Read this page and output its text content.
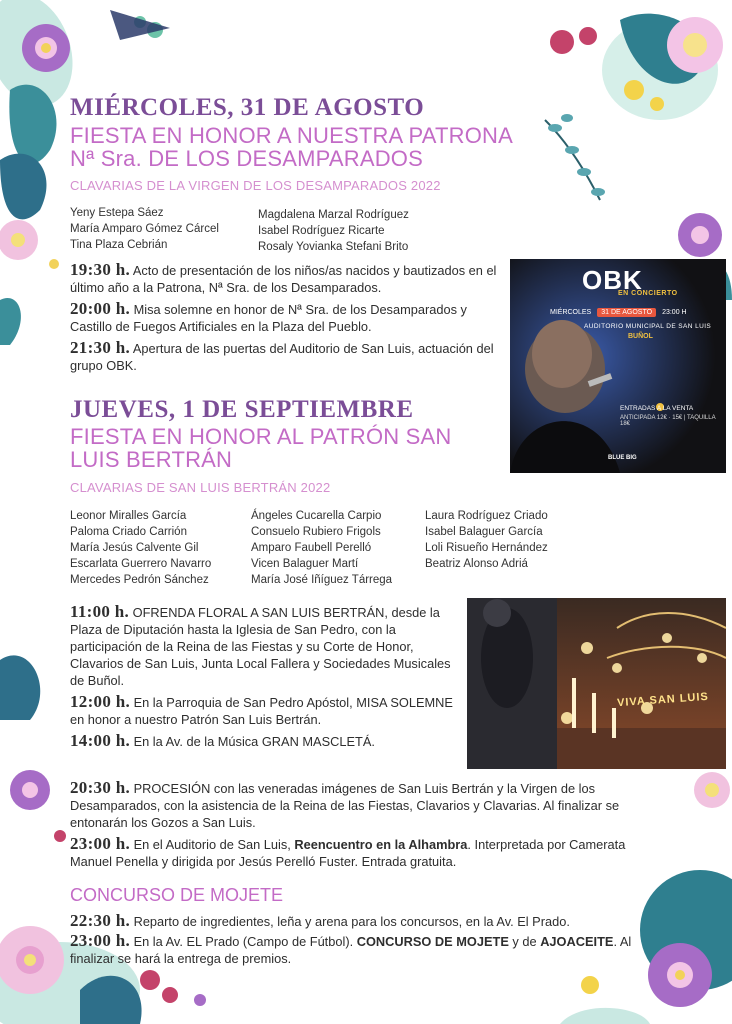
MIÉRCOLES, 31 DE AGOSTO
FIESTA EN HONOR A NUESTRA PATRONA
Nª Sra. DE LOS DESAMPARADOS
CLAVARIAS DE LA VIRGEN DE LOS DESAMPARADOS 2022
Yeny Estepa Sáez
María Amparo Gómez Cárcel
Tina Plaza Cebrián
Magdalena Marzal Rodríguez
Isabel Rodríguez Ricarte
Rosaly Yovianka Stefani Brito

19:30 h. Acto de presentación de los niños/as nacidos y bautizados en el último año a la Patrona, Nª Sra. de los Desamparados.

20:00 h. Misa solemne en honor de Nª Sra. de los Desamparados y Castillo de Fuegos Artificiales en la Plaza del Pueblo.

21:30 h. Apertura de las puertas del Auditorio de San Luis, actuación del grupo OBK.

OBK
EN CONCIERTO
MIÉRCOLES	31 DE AGOSTO	23:00 H
AUDITORIO MUNICIPAL DE SAN LUIS
BUÑOL
ENTRADAS A LA VENTA
ANTICIPADA 12€ · 15€ | TAQUILLA 18€
BLUE BIG
JUEVES, 1 DE SEPTIEMBRE
FIESTA EN HONOR AL PATRÓN SAN
LUIS BERTRÁN
CLAVARIAS DE SAN LUIS BERTRÁN 2022
Leonor Miralles García
Paloma Criado Carrión
María Jesús Calvente Gil
Escarlata Guerrero Navarro
Mercedes Pedrón Sánchez
Ángeles Cucarella Carpio
Consuelo Rubiero Frigols
Amparo Faubell Perelló
Vicen Balaguer Martí
María José Iñíguez Tárrega
Laura Rodríguez Criado
Isabel Balaguer García
Loli Risueño Hernández
Beatriz Alonso Adriá
VIVA SAN LUIS

11:00 h. OFRENDA FLORAL A SAN LUIS BERTRÁN, desde la Plaza de Diputación hasta la Iglesia de San Pedro, con la participación de la Reina de las Fiestas y su Corte de Honor, Clavarios de San Luis, Junta Local Fallera y Sociedades Musicales de Buñol.

12:00 h. En la Parroquia de San Pedro Apóstol, MISA SOLEMNE en honor a nuestro Patrón San Luis Bertrán.

14:00 h. En la Av. de la Música GRAN MASCLETÁ.

20:30 h. PROCESIÓN con las veneradas imágenes de San Luis Bertrán y la Virgen de los Desamparados, con la asistencia de la Reina de las Fiestas, Clavarios y Clavarias. Al finalizar se entonarán los Gozos a San Luis.

23:00 h. En el Auditorio de San Luis, Reencuentro en la Alhambra. Interpretada por Camerata Manuel Penella y dirigida por Jesús Perelló Fuster. Entrada gratuita.

CONCURSO DE MOJETE

22:30 h. Reparto de ingredientes, leña y arena para los concursos, en la Av. El Prado.

23:00 h. En la Av. EL Prado (Campo de Fútbol). CONCURSO DE MOJETE y de AJOACEITE. Al finalizar se hará la entrega de premios.
